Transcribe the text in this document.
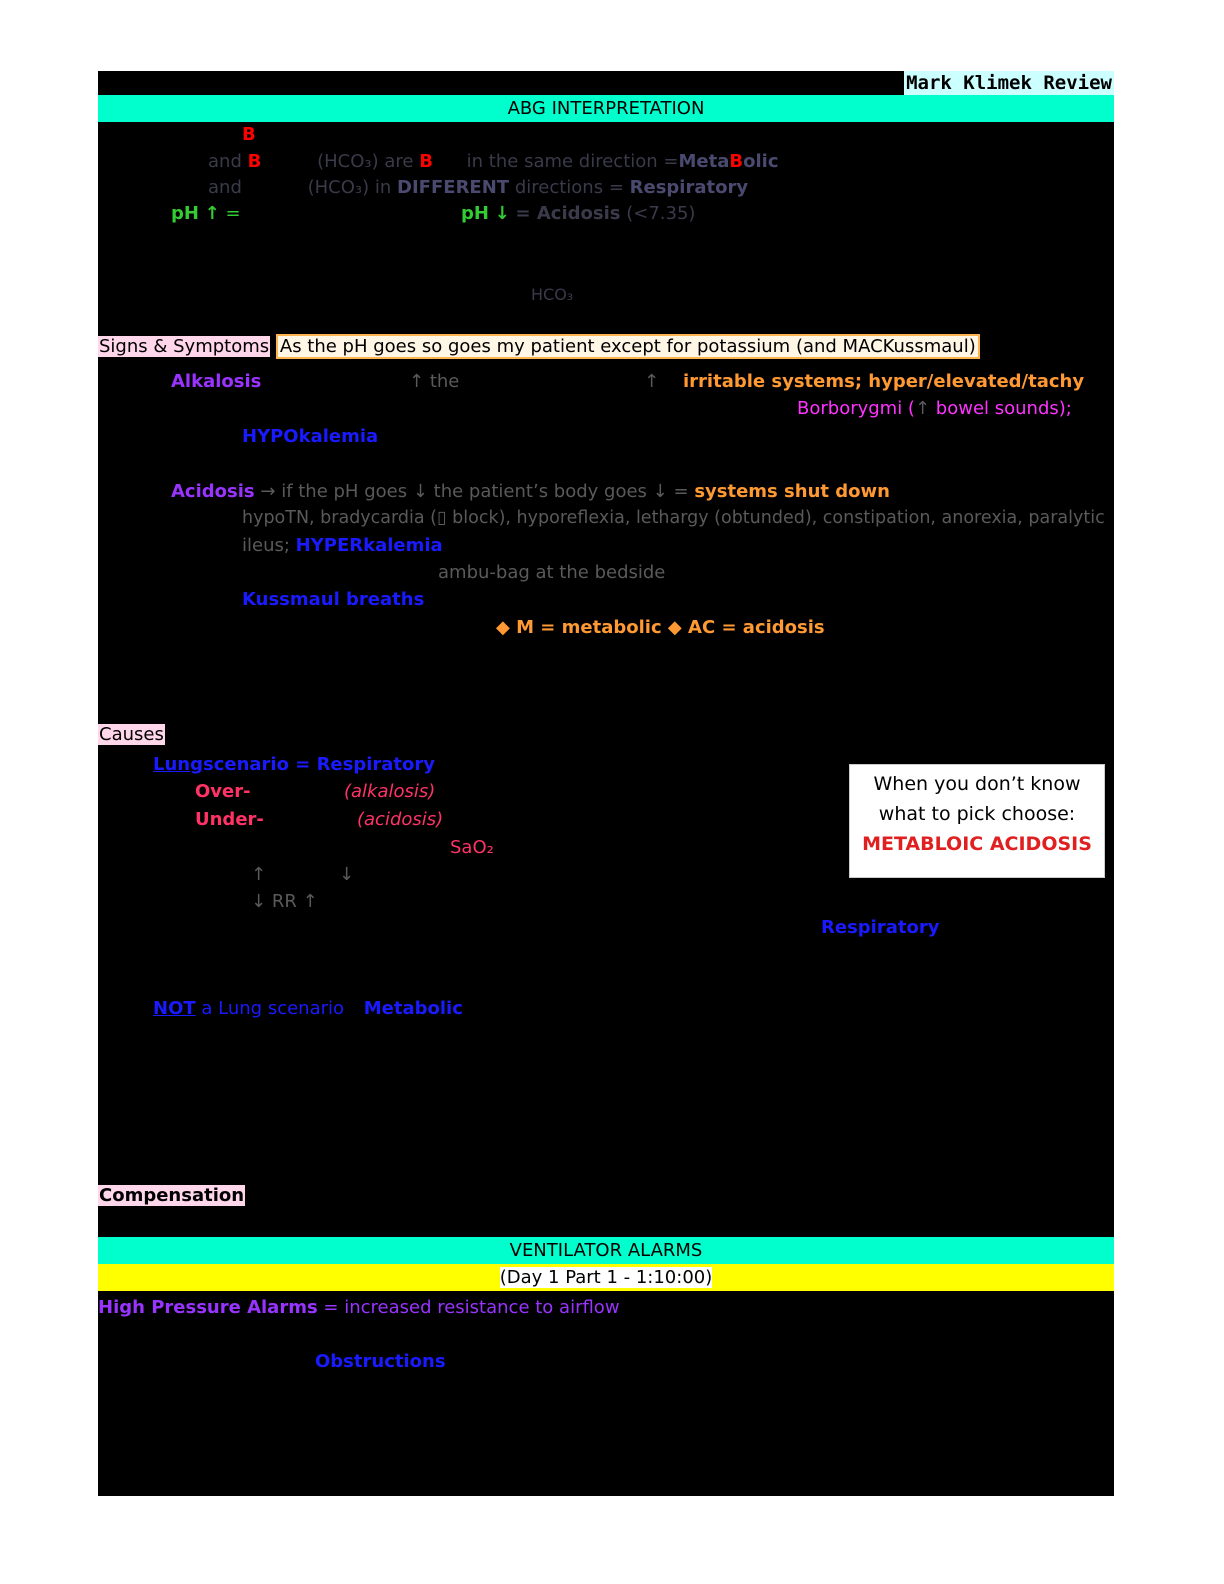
Mark Klimek Review
ABG INTERPRETATION
B
and B	(HCO₃) are B in the same direction =MetaBolic
and	(HCO₃) in DIFFERENT directions = Respiratory
pH ↑ =	pH ↓ = Acidosis (<7.35)
HCO₃
Signs & Symptoms As the pH goes so goes my patient except for potassium (and MACKussmaul)
Alkalosis	↑ the	↑ irritable systems; hyper/elevated/tachy
Borborygmi (↑ bowel sounds);
HYPOkalemia
Acidosis → if the pH goes ↓ the patient’s body goes ↓ = systems shut down
hypoTN, bradycardia (▯ block), hyporeflexia, lethargy (obtunded), constipation, anorexia, paralytic
ileus; HYPERkalemia
ambu-bag at the bedside
Kussmaul breaths
◆ M = metabolic ◆ AC = acidosis
Causes
Lungscenario = Respiratory
Over-	(alkalosis)
Under-	(acidosis)
SaO₂
↑	↓
↓ RR ↑
Respiratory
NOT a Lung scenario Metabolic
When you don’t know
what to pick choose:
METABLOIC ACIDOSIS
Compensation
VENTILATOR ALARMS
(Day 1 Part 1 - 1:10:00)
High Pressure Alarms = increased resistance to airflow
Obstructions
